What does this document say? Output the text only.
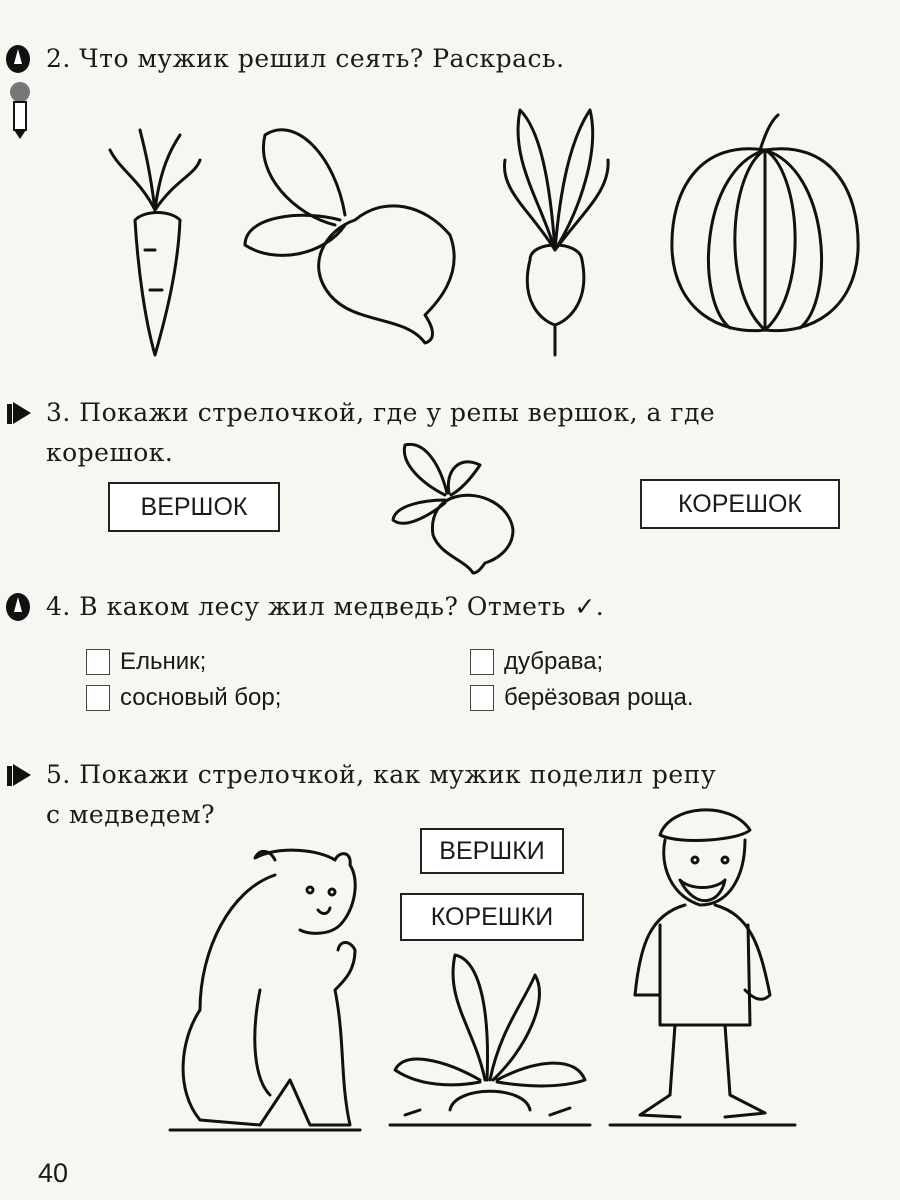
2. Что мужик решил сеять? Раскрась.
3. Покажи стрелочкой, где у репы вершок, а где
корешок.
ВЕРШОК	КОРЕШОК
4. В каком лесу жил медведь? Отметь ✓.
Ельник;	дубрава;
сосновый бор;	берёзовая роща.
5. Покажи стрелочкой, как мужик поделил репу
с медведем?
ВЕРШКИ
КОРЕШКИ
40
